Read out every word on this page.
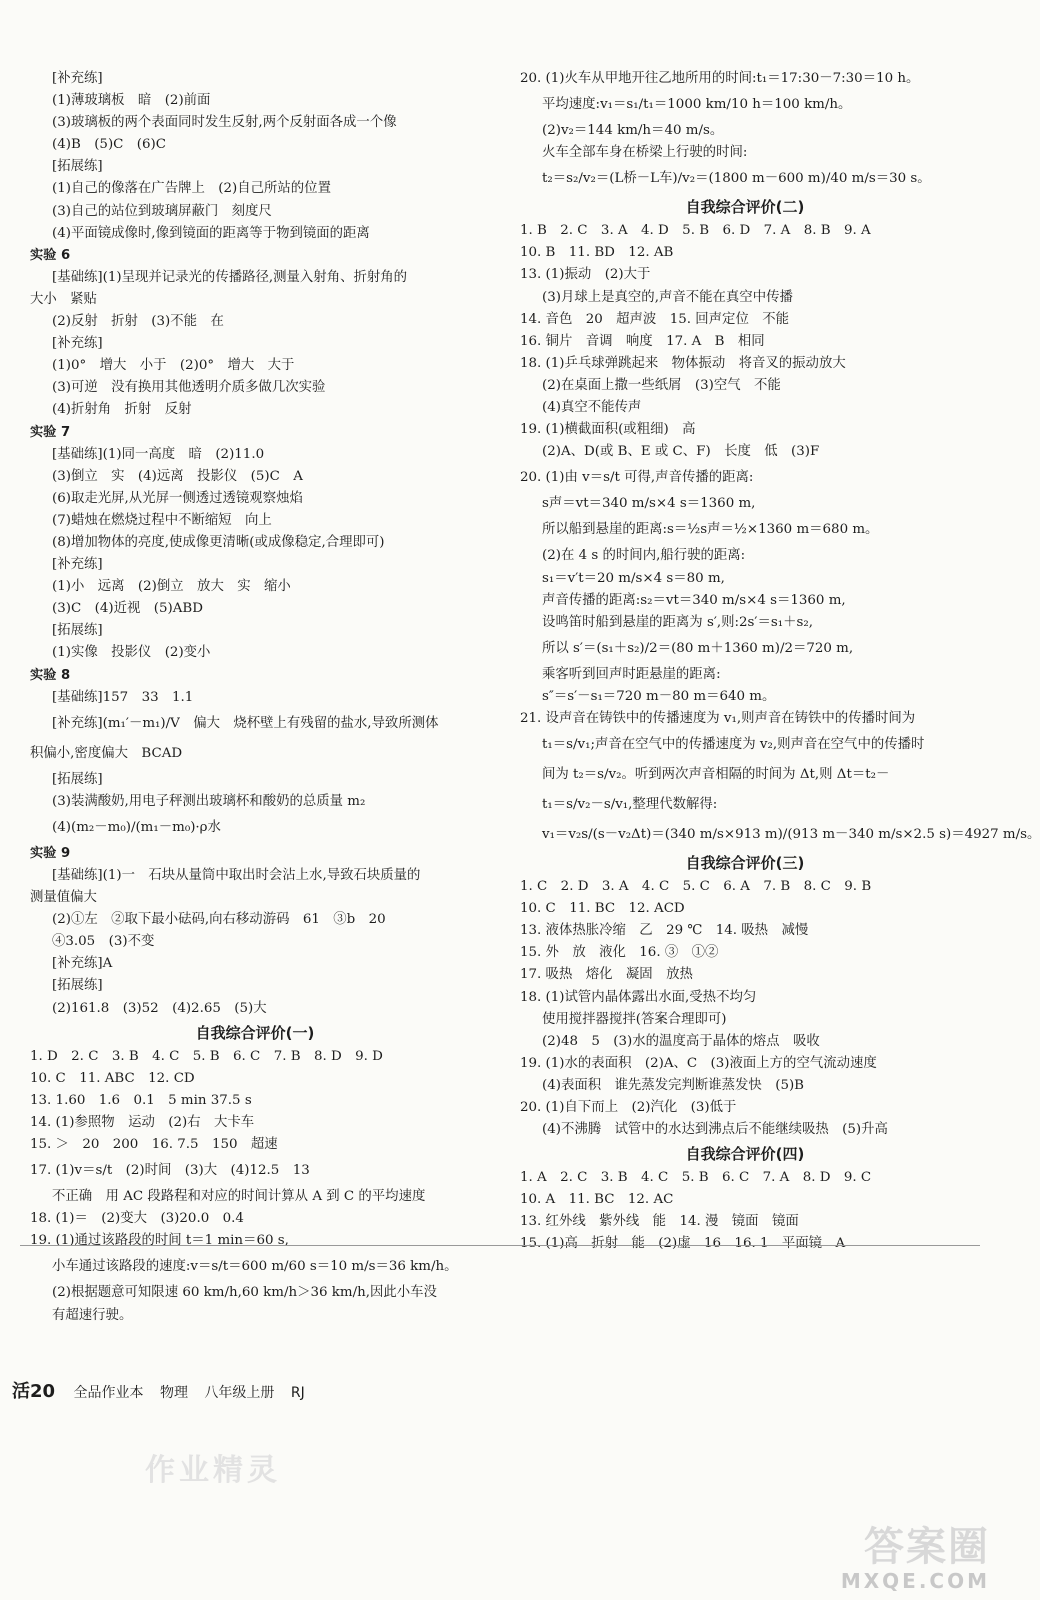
[补充练]
(1)薄玻璃板　暗　(2)前面
(3)玻璃板的两个表面同时发生反射,两个反射面各成一个像
(4)B　(5)C　(6)C
[拓展练]
(1)自己的像落在广告牌上　(2)自己所站的位置
(3)自己的站位到玻璃屏蔽门　刻度尺
(4)平面镜成像时,像到镜面的距离等于物到镜面的距离
实验 6
[基础练](1)呈现并记录光的传播路径,测量入射角、折射角的
大小　紧贴
(2)反射　折射　(3)不能　在
[补充练]
(1)0°　增大　小于　(2)0°　增大　大于
(3)可逆　没有换用其他透明介质多做几次实验
(4)折射角　折射　反射
实验 7
[基础练](1)同一高度　暗　(2)11.0
(3)倒立　实　(4)远离　投影仪　(5)C　A
(6)取走光屏,从光屏一侧透过透镜观察烛焰
(7)蜡烛在燃烧过程中不断缩短　向上
(8)增加物体的亮度,使成像更清晰(或成像稳定,合理即可)
[补充练]
(1)小　远离　(2)倒立　放大　实　缩小
(3)C　(4)近视　(5)ABD
[拓展练]
(1)实像　投影仪　(2)变小
实验 8
[基础练]157　33　1.1
[补充练](m₁′－m₁)/V　偏大　烧杯壁上有残留的盐水,导致所测体
积偏小,密度偏大　BCAD
[拓展练]
(3)装满酸奶,用电子秤测出玻璃杯和酸奶的总质量 m₂
(4)(m₂－m₀)/(m₁－m₀)·ρ水
实验 9
[基础练](1)一　石块从量筒中取出时会沾上水,导致石块质量的
测量值偏大
(2)①左　②取下最小砝码,向右移动游码　61　③b　20
④3.05　(3)不变
[补充练]A
[拓展练]
(2)161.8　(3)52　(4)2.65　(5)大
自我综合评价(一)
1. D　2. C　3. B　4. C　5. B　6. C　7. B　8. D　9. D
10. C　11. ABC　12. CD
13. 1.60　1.6　0.1　5 min 37.5 s
14. (1)参照物　运动　(2)右　大卡车
15. ＞　20　200　16. 7.5　150　超速
17. (1)v＝s/t　(2)时间　(3)大　(4)12.5　13
不正确　用 AC 段路程和对应的时间计算从 A 到 C 的平均速度
18. (1)＝　(2)变大　(3)20.0　0.4
19. (1)通过该路段的时间 t＝1 min＝60 s,
小车通过该路段的速度:v＝s/t＝600 m/60 s＝10 m/s＝36 km/h。
(2)根据题意可知限速 60 km/h,60 km/h＞36 km/h,因此小车没
有超速行驶。
20. (1)火车从甲地开往乙地所用的时间:t₁＝17:30－7:30＝10 h。
平均速度:v₁＝s₁/t₁＝1000 km/10 h＝100 km/h。
(2)v₂＝144 km/h＝40 m/s。
火车全部车身在桥梁上行驶的时间:
t₂＝s₂/v₂＝(L桥－L车)/v₂＝(1800 m－600 m)/40 m/s＝30 s。
自我综合评价(二)
1. B　2. C　3. A　4. D　5. B　6. D　7. A　8. B　9. A
10. B　11. BD　12. AB
13. (1)振动　(2)大于
(3)月球上是真空的,声音不能在真空中传播
14. 音色　20　超声波　15. 回声定位　不能
16. 铜片　音调　响度　17. A　B　相同
18. (1)乒乓球弹跳起来　物体振动　将音叉的振动放大
(2)在桌面上撒一些纸屑　(3)空气　不能
(4)真空不能传声
19. (1)横截面积(或粗细)　高
(2)A、D(或 B、E 或 C、F)　长度　低　(3)F
20. (1)由 v＝s/t 可得,声音传播的距离:
s声＝vt＝340 m/s×4 s＝1360 m,
所以船到悬崖的距离:s＝½s声＝½×1360 m＝680 m。
(2)在 4 s 的时间内,船行驶的距离:
s₁＝v′t＝20 m/s×4 s＝80 m,
声音传播的距离:s₂＝vt＝340 m/s×4 s＝1360 m,
设鸣笛时船到悬崖的距离为 s′,则:2s′＝s₁＋s₂,
所以 s′＝(s₁＋s₂)/2＝(80 m＋1360 m)/2＝720 m,
乘客听到回声时距悬崖的距离:
s″＝s′－s₁＝720 m－80 m＝640 m。
21. 设声音在铸铁中的传播速度为 v₁,则声音在铸铁中的传播时间为
t₁＝s/v₁;声音在空气中的传播速度为 v₂,则声音在空气中的传播时
间为 t₂＝s/v₂。听到两次声音相隔的时间为 Δt,则 Δt＝t₂－
t₁＝s/v₂－s/v₁,整理代数解得:
v₁＝v₂s/(s－v₂Δt)＝(340 m/s×913 m)/(913 m－340 m/s×2.5 s)＝4927 m/s。
自我综合评价(三)
1. C　2. D　3. A　4. C　5. C　6. A　7. B　8. C　9. B
10. C　11. BC　12. ACD
13. 液体热胀冷缩　乙　29 ℃　14. 吸热　减慢
15. 外　放　液化　16. ③　①②
17. 吸热　熔化　凝固　放热
18. (1)试管内晶体露出水面,受热不均匀
使用搅拌器搅拌(答案合理即可)
(2)48　5　(3)水的温度高于晶体的熔点　吸收
19. (1)水的表面积　(2)A、C　(3)液面上方的空气流动速度
(4)表面积　谁先蒸发完判断谁蒸发快　(5)B
20. (1)自下而上　(2)汽化　(3)低于
(4)不沸腾　试管中的水达到沸点后不能继续吸热　(5)升高
自我综合评价(四)
1. A　2. C　3. B　4. C　5. B　6. C　7. A　8. D　9. C
10. A　11. BC　12. AC
13. 红外线　紫外线　能　14. 漫　镜面　镜面
15. (1)高　折射　能　(2)虚　16　16. 1　平面镜　A
活20 全品作业本 物理 八年级上册 RJ
作业精灵
答案圈
MXQE.COM
